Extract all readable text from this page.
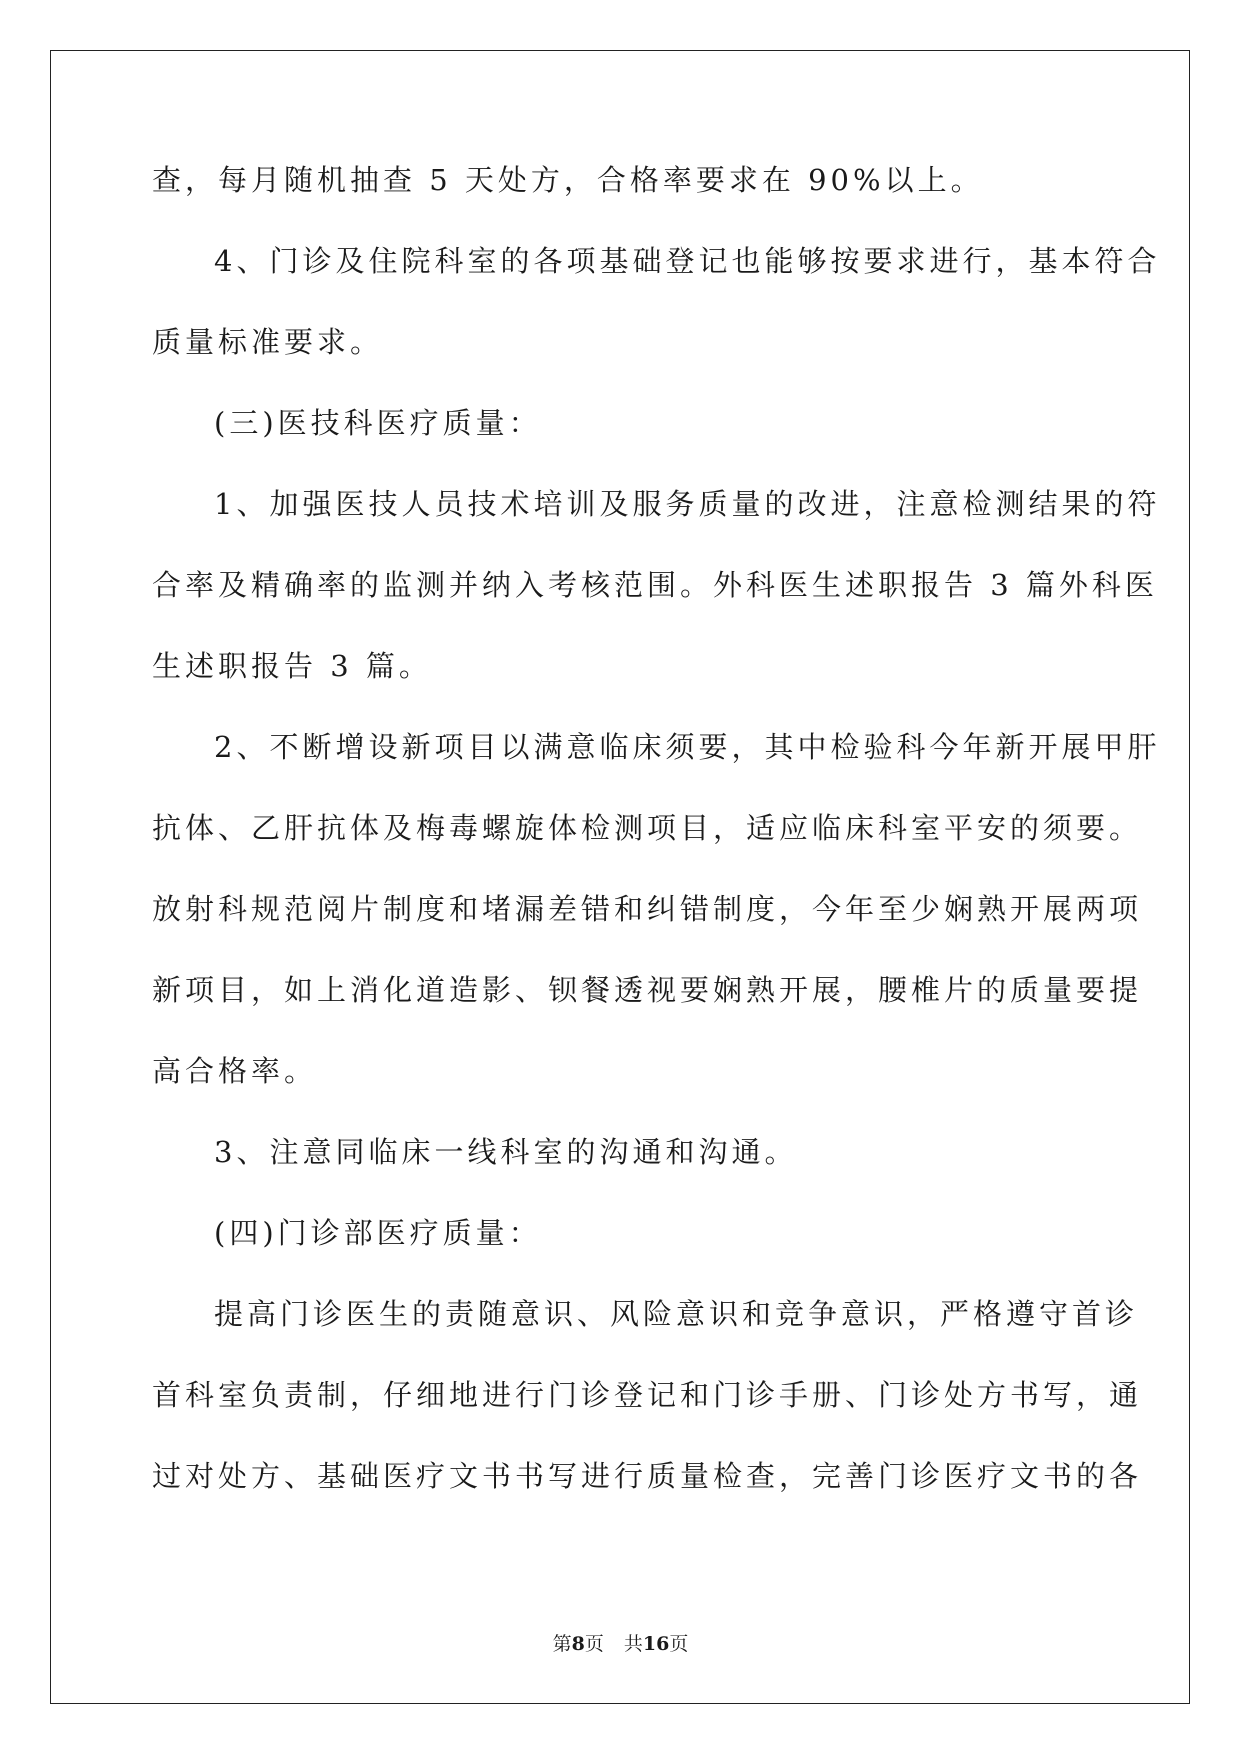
查，每月随机抽查 5 天处方，合格率要求在 90%以上。
4、门诊及住院科室的各项基础登记也能够按要求进行，基本符合
质量标准要求。
(三)医技科医疗质量：
1、加强医技人员技术培训及服务质量的改进，注意检测结果的符
合率及精确率的监测并纳入考核范围。外科医生述职报告 3 篇外科医
生述职报告 3 篇。
2、不断增设新项目以满意临床须要，其中检验科今年新开展甲肝
抗体、乙肝抗体及梅毒螺旋体检测项目，适应临床科室平安的须要。
放射科规范阅片制度和堵漏差错和纠错制度，今年至少娴熟开展两项
新项目，如上消化道造影、钡餐透视要娴熟开展，腰椎片的质量要提
高合格率。
3、注意同临床一线科室的沟通和沟通。
(四)门诊部医疗质量：
提高门诊医生的责随意识、风险意识和竞争意识，严格遵守首诊
首科室负责制，仔细地进行门诊登记和门诊手册、门诊处方书写，通
过对处方、基础医疗文书书写进行质量检查，完善门诊医疗文书的各
第8页 共16页
